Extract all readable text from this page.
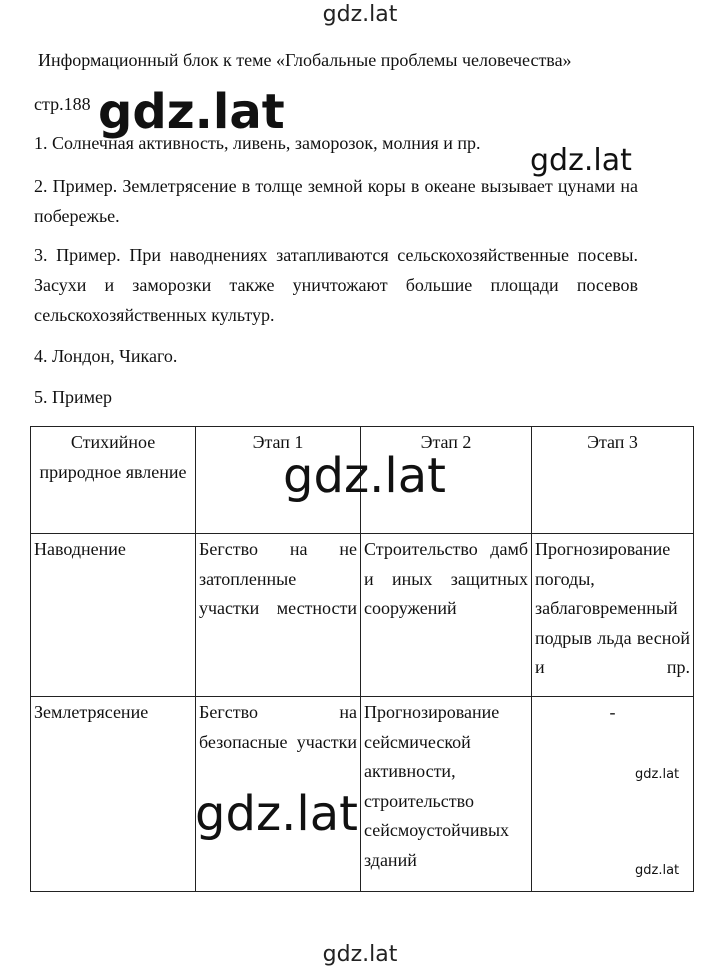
gdz.lat
Информационный блок к теме «Глобальные проблемы человечества»
стр.188
1. Солнечная активность, ливень, заморозок, молния и пр.
2. Пример. Землетрясение в толще земной коры в океане вызывает цунами на побережье.
3. Пример. При наводнениях затапливаются сельскохозяйственные посевы. Засухи и заморозки также уничтожают большие площади посевов сельскохозяйственных культур.
4. Лондон, Чикаго.
5. Пример
Стихийное природное явление	Этап 1	Этап 2	Этап 3
Наводнение	Бегство на не затопленные участки местности	Строительство дамб и иных защитных сооружений	Прогнозирование погоды, заблаговременный подрыв льда весной и пр.

Землетрясение	Бегство на безопасные участки	Прогнозирование сейсмической активности, строительство сейсмоустойчивых зданий	-
gdz.lat
gdz.lat
gdz.lat
gdz.lat
gdz.lat
gdz.lat
gdz.lat
